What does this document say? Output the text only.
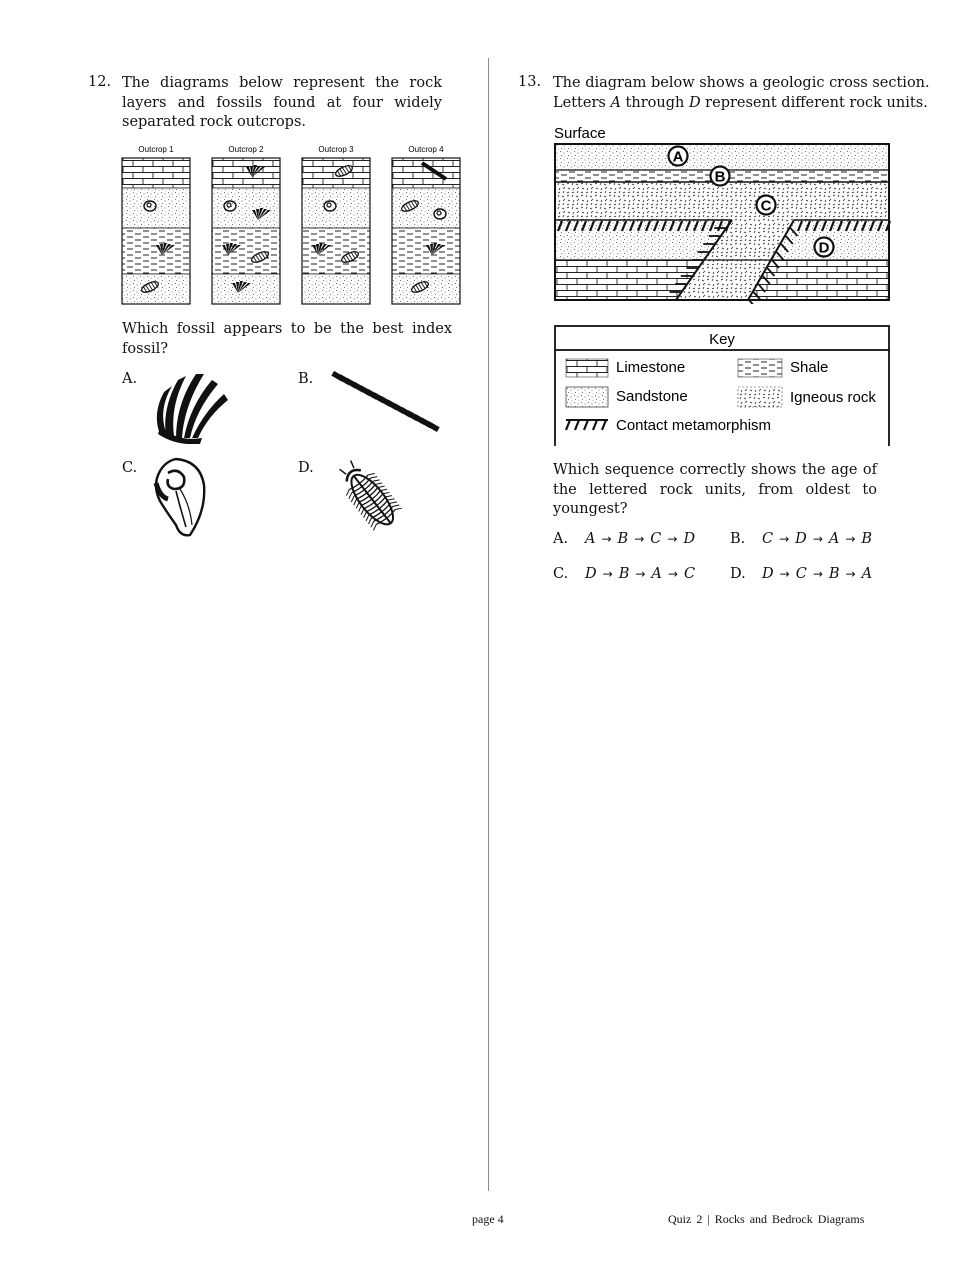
12. The diagrams below represent the rock layers and fossils found at four widely separated rock outcrops.
Outcrop 1	Outcrop 2	Outcrop 3	Outcrop 4
Which fossil appears to be the best index fossil?
A.	B.
C.	D.
13. The diagram below shows a geologic cross section.
Letters A through D represent different rock units.
Surface
A
B
C
D
Key
Limestone	Shale
Sandstone	Igneous rock
Contact metamorphism
Which sequence correctly shows the age of the lettered rock units, from oldest to youngest?
A. A → B → C → D B. C → D → A → B
C. D → B → A → C D. D → C → B → A
page 4	Quiz 2 | Rocks and Bedrock Diagrams
